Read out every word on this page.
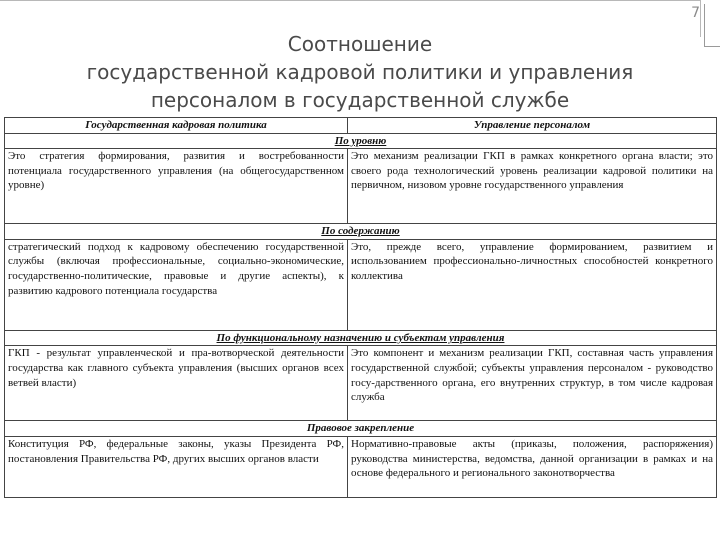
7
Соотношение
государственной кадровой политики и управления
персоналом в государственной службе
Государственная кадровая политика	Управление персоналом
По уровню	
Это стратегия формирования, развития и востребованности потенциала государственного управления (на общегосударственном уровне)	Это механизм реализации ГКП в рамках конкретного органа власти; это своего рода технологический уровень реализации кадровой политики на первичном, низовом уровне государственного управления
По содержанию	
стратегический подход к кадровому обеспечению государственной службы (включая профессиональные, социально-экономические, государственно-политические, правовые и другие аспекты), к развитию кадрового потенциала государства	Это, прежде всего, управление формированием, развитием и использованием профессионально-личностных способностей конкретного коллектива
По функциональному назначению и субъектам управления	
ГКП - результат управленческой и пра-вотворческой деятельности государства как главного субъекта управления (высших органов всех ветвей власти)	Это компонент и механизм реализации ГКП, составная часть управления государственной службой; субъекты управления персоналом - руководство госу-дарственного органа, его внутренних структур, в том числе кадровая служба
Правовое закрепление	
Конституция РФ, федеральные законы, указы Президента РФ, постановления Правительства РФ, других высших органов власти	Нормативно-правовые акты (приказы, положения, распоряжения) руководства министерства, ведомства, данной организации в рамках и на основе федерального и регионального законотворчества
